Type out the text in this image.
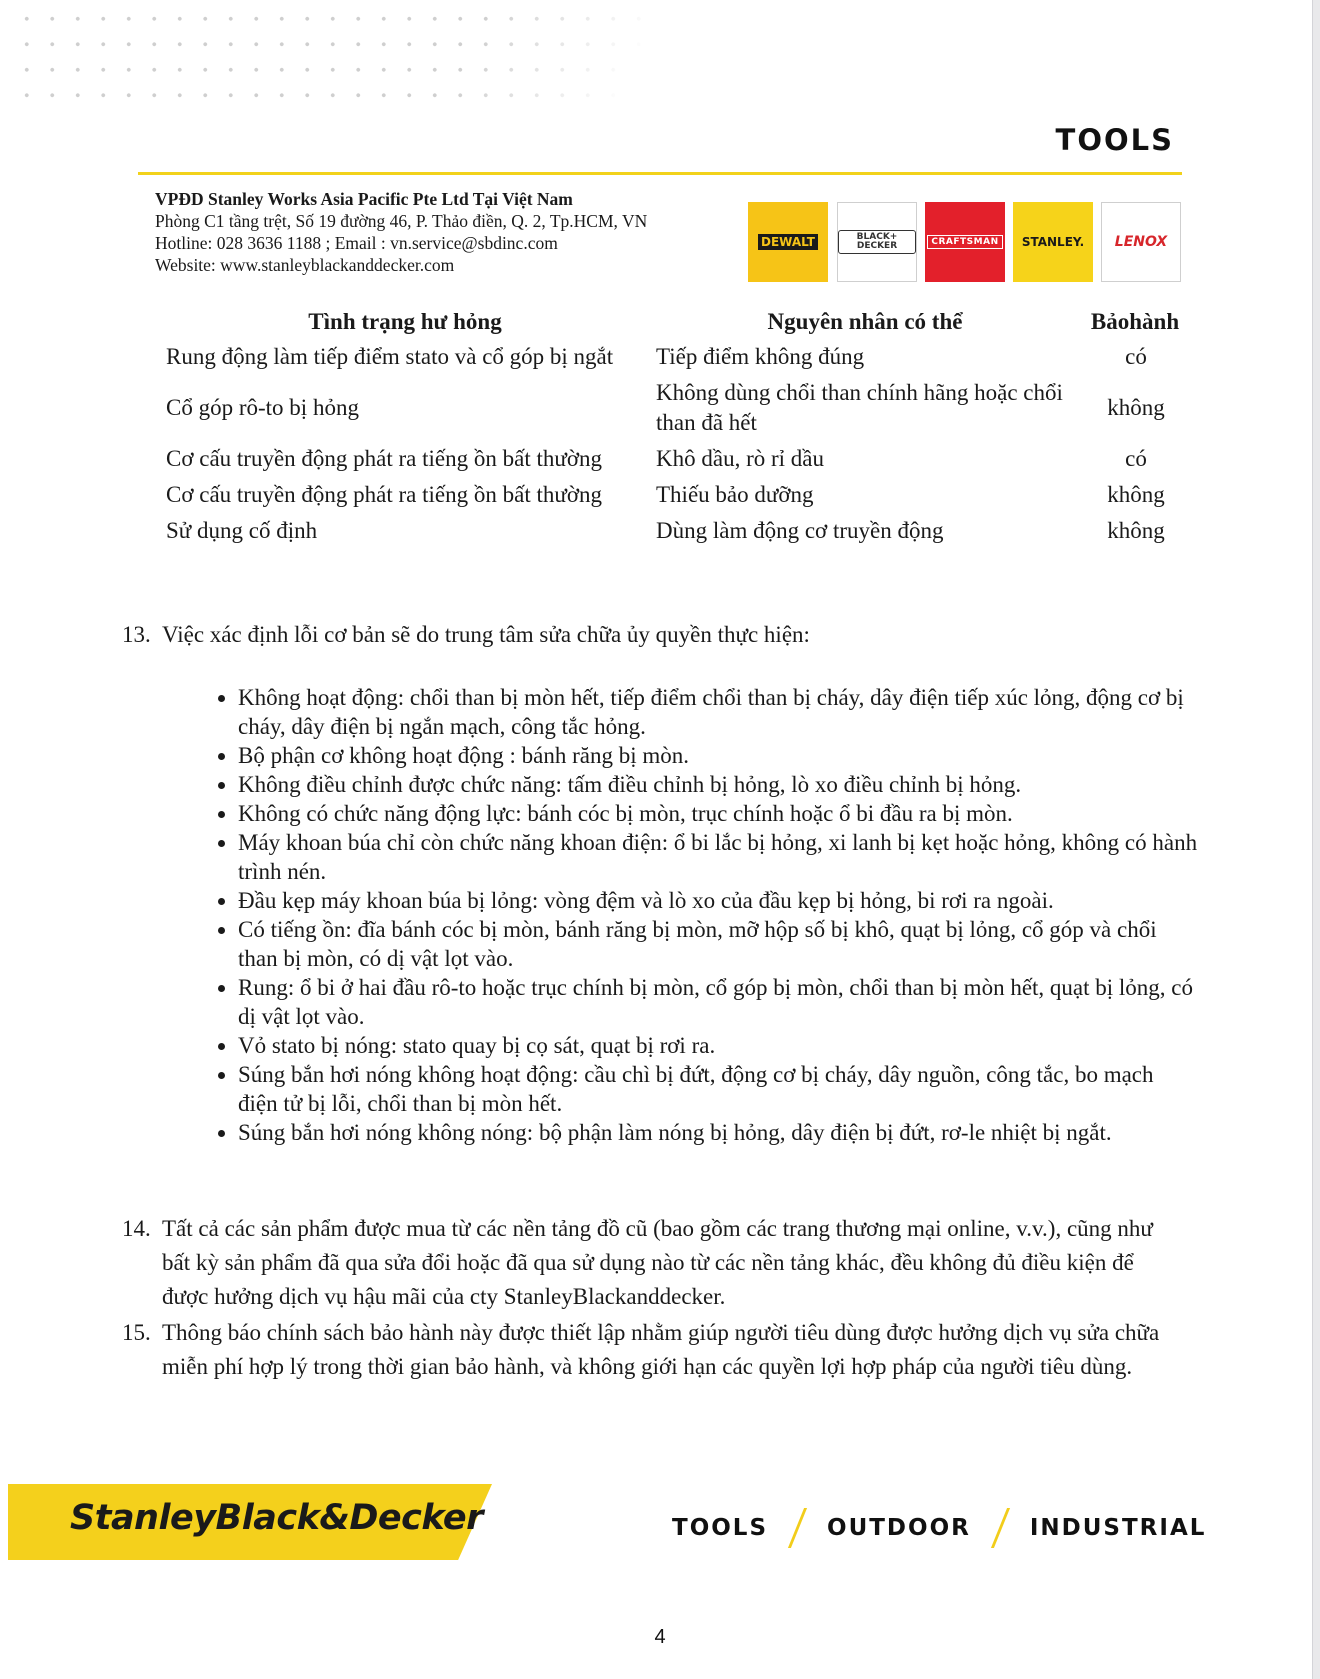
TOOLS
VPĐD Stanley Works Asia Pacific Pte Ltd Tại Việt Nam
Phòng C1 tầng trệt, Số 19 đường 46, P. Thảo điền, Q. 2, Tp.HCM, VN
Hotline: 028 3636 1188 ; Email : vn.service@sbdinc.com
Website: www.stanleyblackanddecker.com
DEWALT	BLACK+ DECKER	CRAFTSMAN	STANLEY. LENOX
Tình trạng hư hỏng	Nguyên nhân có thể	Bảohành
Rung động làm tiếp điểm stato và cổ góp bị ngắt	Tiếp điểm không đúng	có
Cổ góp rô-to bị hỏng	Không dùng chổi than chính hãng hoặc chổi than đã hết	không
Cơ cấu truyền động phát ra tiếng ồn bất thường	Khô dầu, rò rỉ dầu	có
Cơ cấu truyền động phát ra tiếng ồn bất thường	Thiếu bảo dưỡng	không
Sử dụng cố định	Dùng làm động cơ truyền động	không
13. Việc xác định lỗi cơ bản sẽ do trung tâm sửa chữa ủy quyền thực hiện:
• Không hoạt động: chổi than bị mòn hết, tiếp điểm chổi than bị cháy, dây điện tiếp xúc lỏng, động cơ bị cháy, dây điện bị ngắn mạch, công tắc hỏng.
• Bộ phận cơ không hoạt động : bánh răng bị mòn.
• Không điều chỉnh được chức năng: tấm điều chỉnh bị hỏng, lò xo điều chỉnh bị hỏng.
• Không có chức năng động lực: bánh cóc bị mòn, trục chính hoặc ổ bi đầu ra bị mòn.
• Máy khoan búa chỉ còn chức năng khoan điện: ổ bi lắc bị hỏng, xi lanh bị kẹt hoặc hỏng, không có hành trình nén.
• Đầu kẹp máy khoan búa bị lỏng: vòng đệm và lò xo của đầu kẹp bị hỏng, bi rơi ra ngoài.
• Có tiếng ồn: đĩa bánh cóc bị mòn, bánh răng bị mòn, mỡ hộp số bị khô, quạt bị lỏng, cổ góp và chổi than bị mòn, có dị vật lọt vào.
• Rung: ổ bi ở hai đầu rô-to hoặc trục chính bị mòn, cổ góp bị mòn, chổi than bị mòn hết, quạt bị lỏng, có dị vật lọt vào.
• Vỏ stato bị nóng: stato quay bị cọ sát, quạt bị rơi ra.
• Súng bắn hơi nóng không hoạt động: cầu chì bị đứt, động cơ bị cháy, dây nguồn, công tắc, bo mạch điện tử bị lỗi, chổi than bị mòn hết.
• Súng bắn hơi nóng không nóng: bộ phận làm nóng bị hỏng, dây điện bị đứt, rơ-le nhiệt bị ngắt.
14. Tất cả các sản phẩm được mua từ các nền tảng đồ cũ (bao gồm các trang thương mại online, v.v.), cũng như bất kỳ sản phẩm đã qua sửa đổi hoặc đã qua sử dụng nào từ các nền tảng khác, đều không đủ điều kiện để được hưởng dịch vụ hậu mãi của cty StanleyBlackanddecker.
15. Thông báo chính sách bảo hành này được thiết lập nhằm giúp người tiêu dùng được hưởng dịch vụ sửa chữa miễn phí hợp lý trong thời gian bảo hành, và không giới hạn các quyền lợi hợp pháp của người tiêu dùng.
StanleyBlack&Decker	TOOLS	OUTDOOR	INDUSTRIAL
4
